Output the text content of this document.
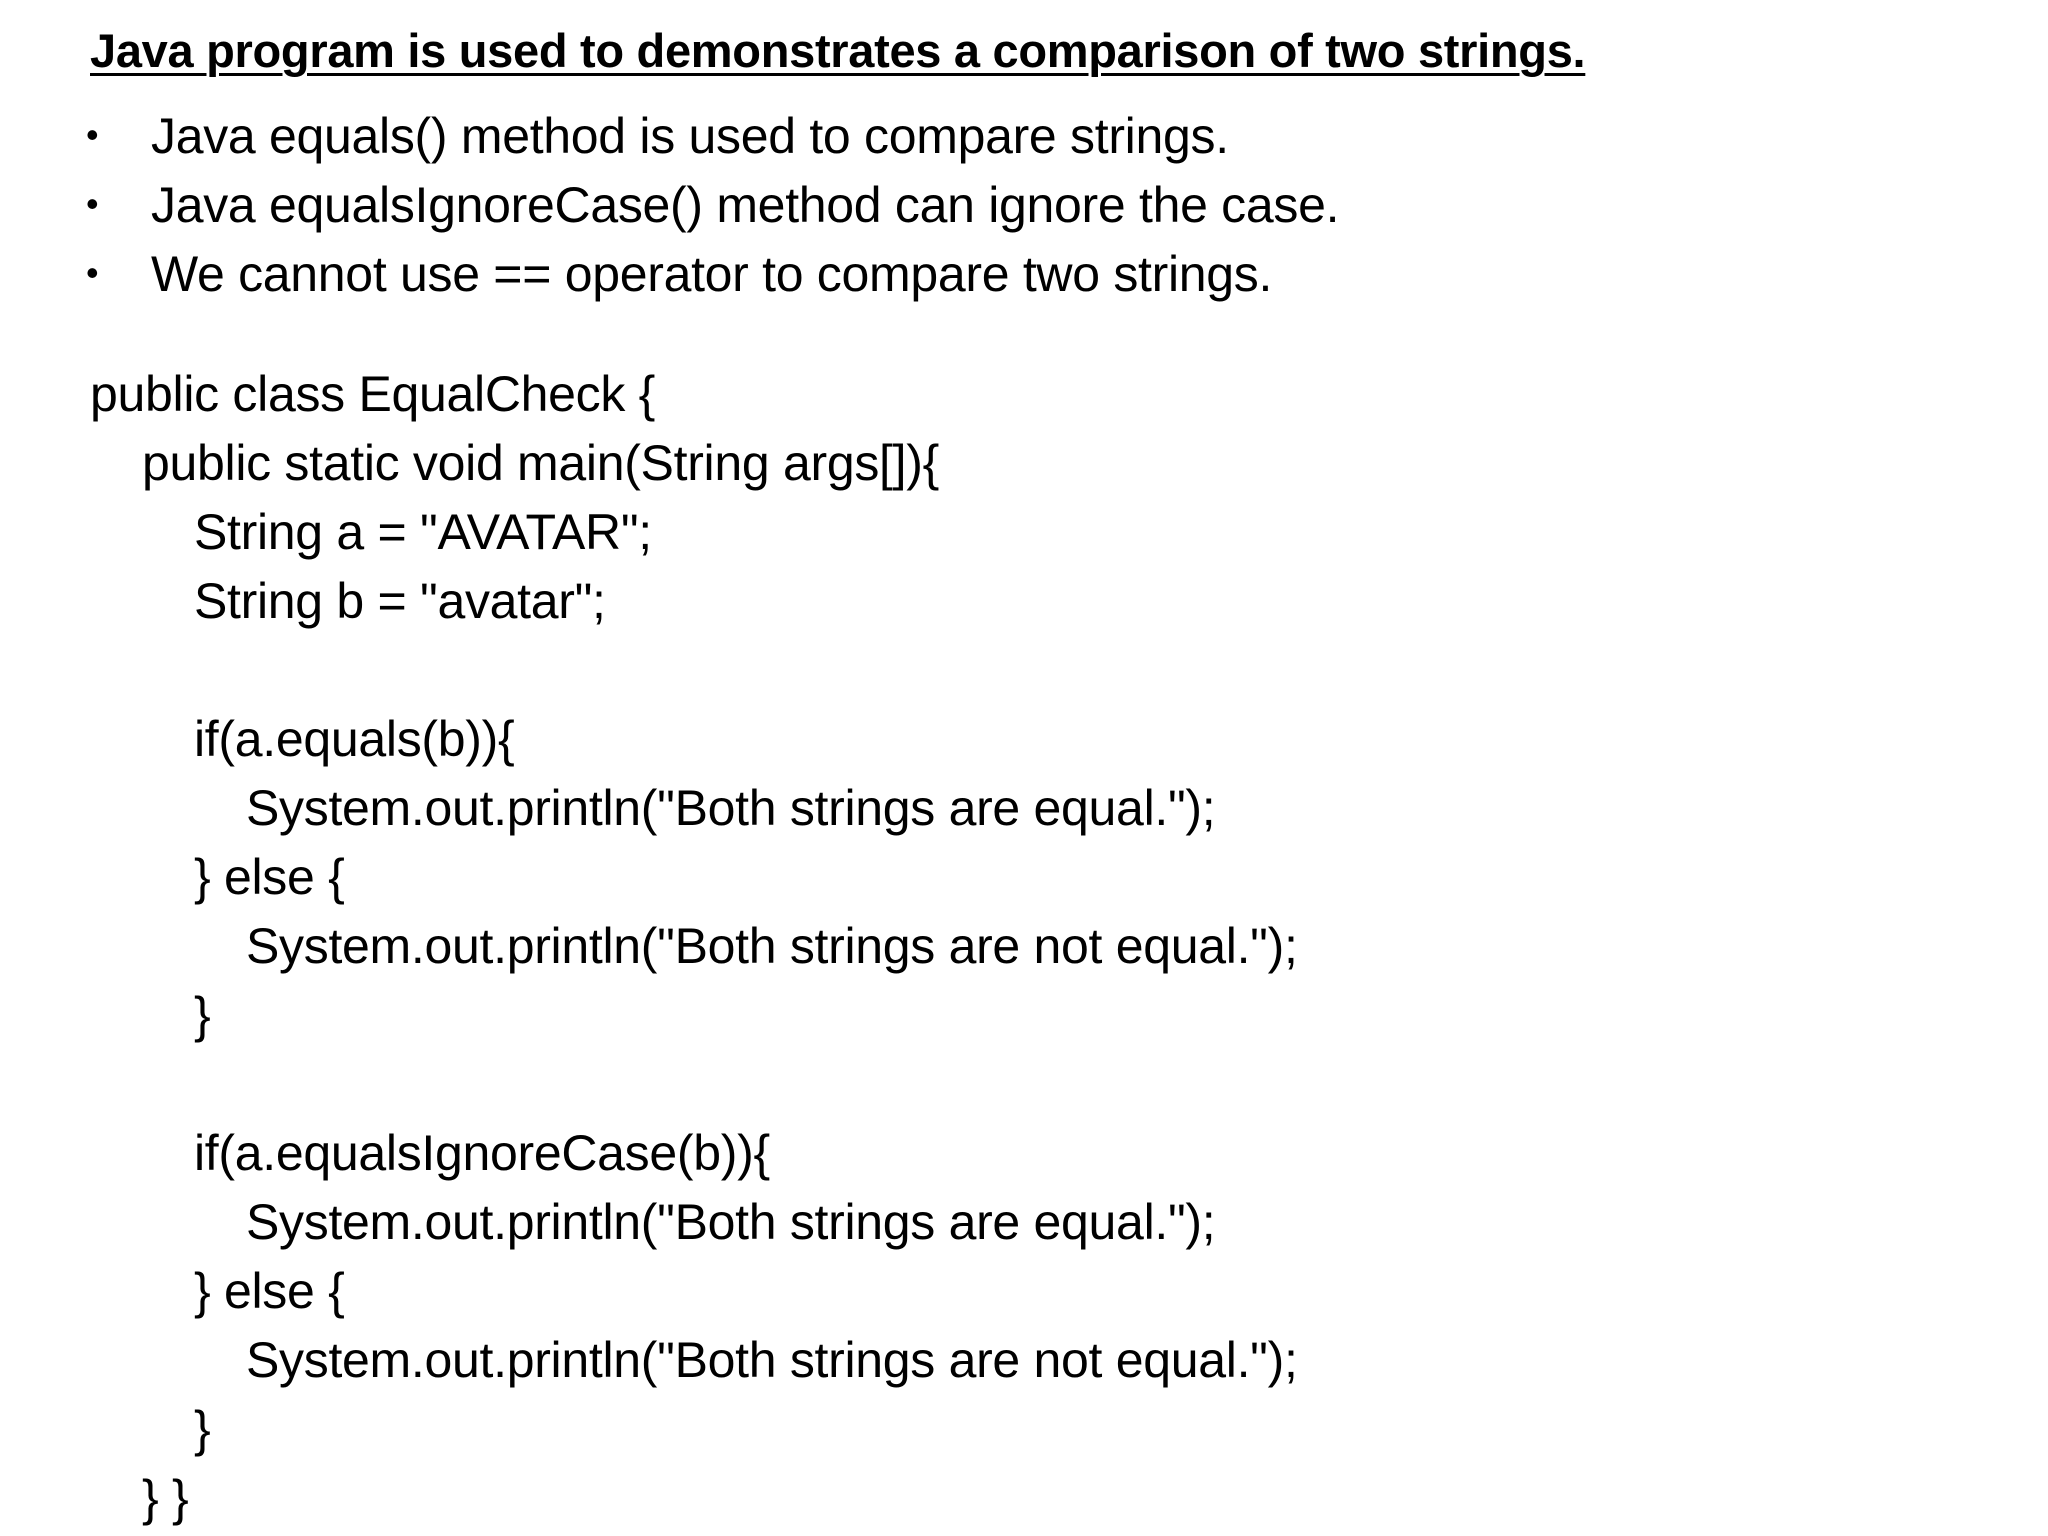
Java program is used to demonstrates a comparison of two strings.
• Java equals() method is used to compare strings.
• Java equalsIgnoreCase() method can ignore the case.
• We cannot use == operator to compare two strings.
public class EqualCheck {
public static void main(String args[]){
String a = "AVATAR";
String b = "avatar";
if(a.equals(b)){
System.out.println("Both strings are equal.");
} else {
System.out.println("Both strings are not equal.");
}
if(a.equalsIgnoreCase(b)){
System.out.println("Both strings are equal.");
} else {
System.out.println("Both strings are not equal.");
}
} }
